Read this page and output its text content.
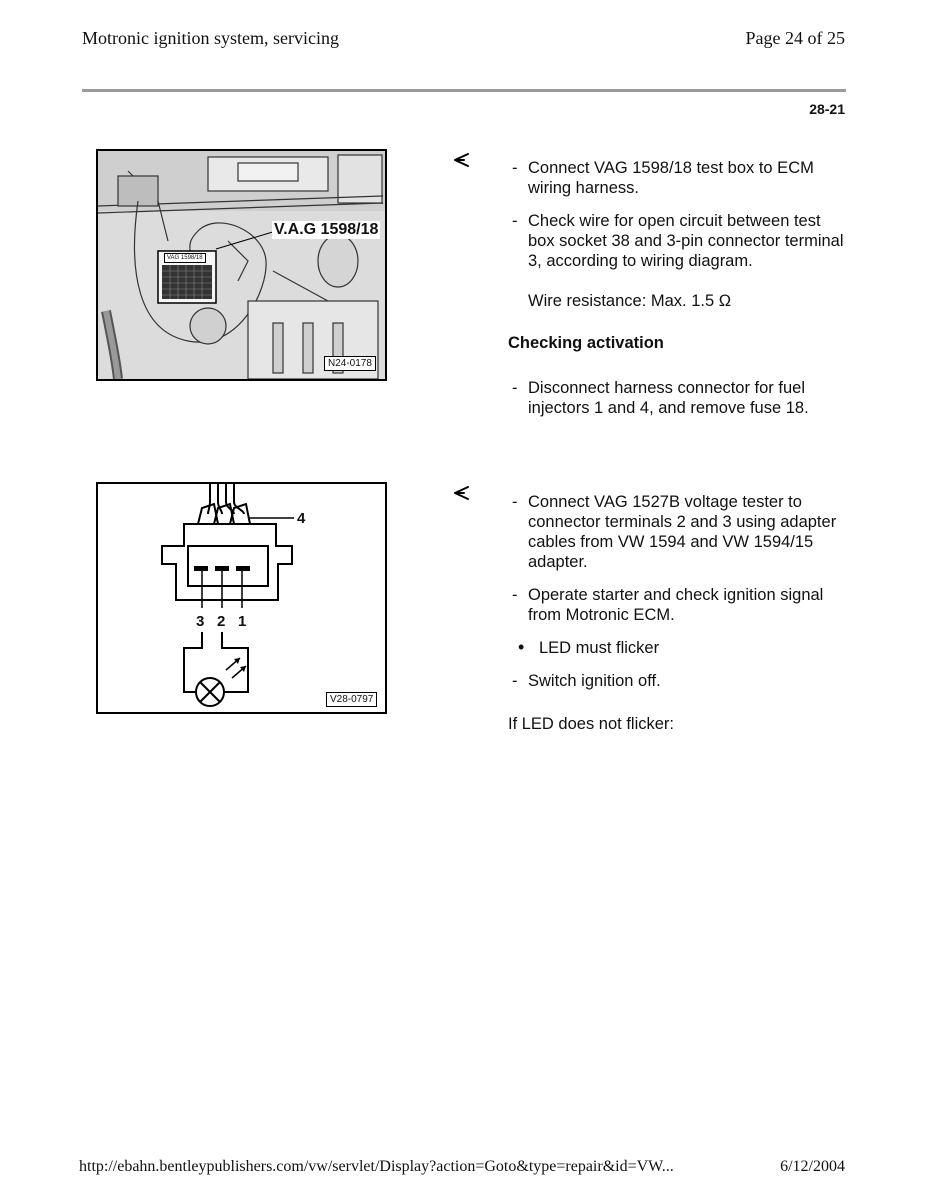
Motronic ignition system, servicing	Page 24 of 25
28-21
V.A.G 1598/18
VAG 1598/18
N24-0178
- Connect VAG 1598/18 test box to ECM wiring harness.
- Check wire for open circuit between test box socket 38 and 3-pin connector terminal 3, according to wiring diagram.
Wire resistance: Max. 1.5 Ω
Checking activation
- Disconnect harness connector for fuel injectors 1 and 4, and remove fuse 18.
4
3 2 1
V28-0797
- Connect VAG 1527B voltage tester to connector terminals 2 and 3 using adapter cables from VW 1594 and VW 1594/15 adapter.
- Operate starter and check ignition signal from Motronic ECM.
• LED must flicker
- Switch ignition off.
If LED does not flicker:
http://ebahn.bentleypublishers.com/vw/servlet/Display?action=Goto&type=repair&id=VW...	6/12/2004
